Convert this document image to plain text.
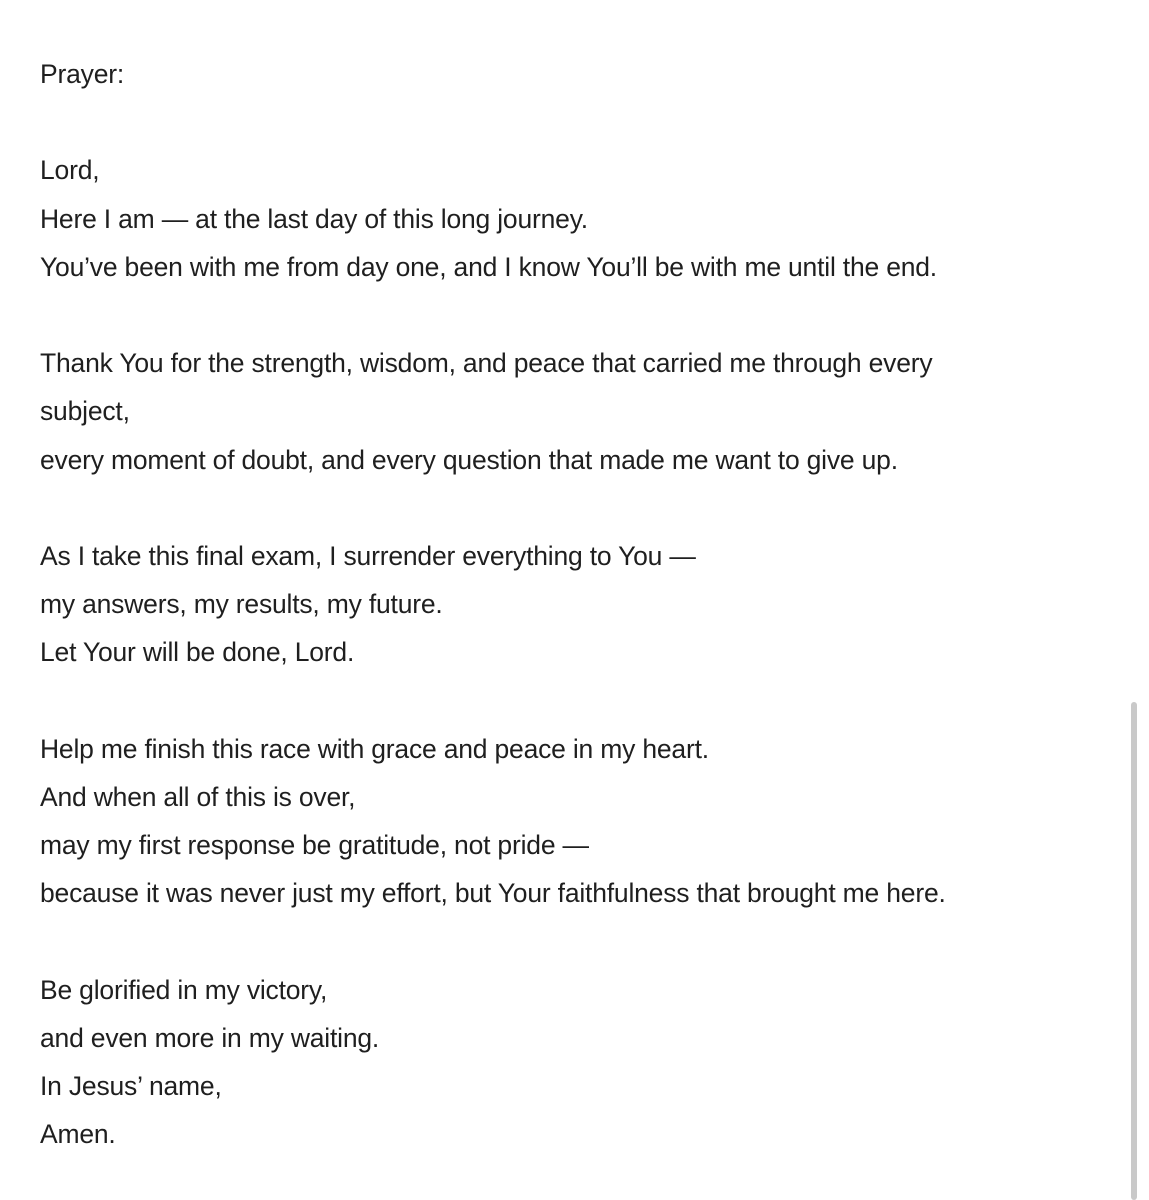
Prayer:
Lord,
Here I am — at the last day of this long journey.
You’ve been with me from day one, and I know You’ll be with me until the end.
Thank You for the strength, wisdom, and peace that carried me through every
subject,
every moment of doubt, and every question that made me want to give up.
As I take this final exam, I surrender everything to You —
my answers, my results, my future.
Let Your will be done, Lord.
Help me finish this race with grace and peace in my heart.
And when all of this is over,
may my first response be gratitude, not pride —
because it was never just my effort, but Your faithfulness that brought me here.
Be glorified in my victory,
and even more in my waiting.
In Jesus’ name,
Amen.
